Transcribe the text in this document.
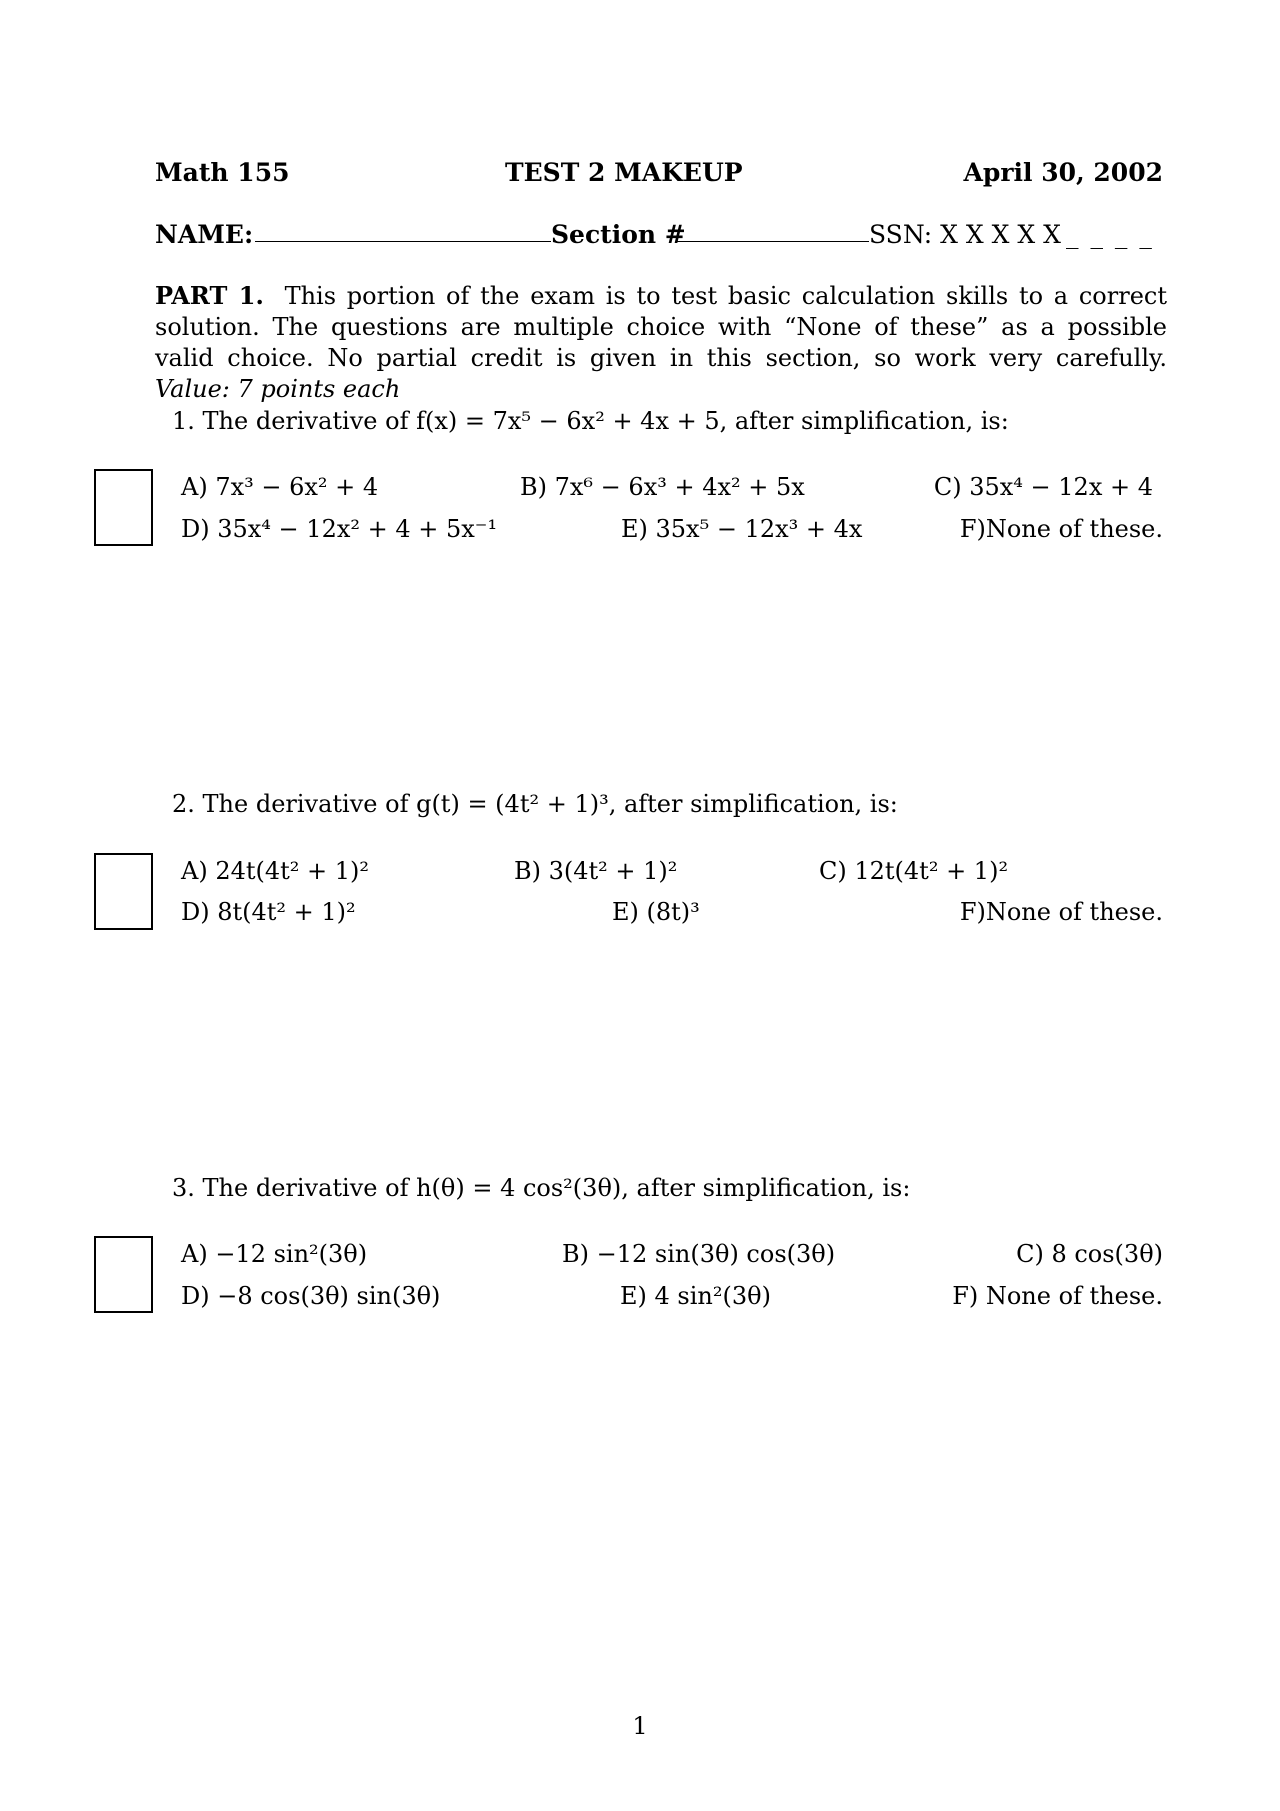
Math 155	TEST 2 MAKEUP	April 30, 2002
NAME:	Section #	SSN: X X X X X _ _ _ _
PART 1. This portion of the exam is to test basic calculation skills to a correct solution. The questions are multiple choice with “None of these” as a possible valid choice. No partial credit is given in this section, so work very carefully. Value: 7 points each
1. The derivative of f(x) = 7x⁵ − 6x² + 4x + 5, after simplification, is:
A) 7x³ − 6x² + 4	B) 7x⁶ − 6x³ + 4x² + 5x	C) 35x⁴ − 12x + 4
D) 35x⁴ − 12x² + 4 + 5x⁻¹	E) 35x⁵ − 12x³ + 4x	F)None of these.
2. The derivative of g(t) = (4t² + 1)³, after simplification, is:
A) 24t(4t² + 1)²	B) 3(4t² + 1)²	C) 12t(4t² + 1)²
D) 8t(4t² + 1)²	E) (8t)³	F)None of these.
3. The derivative of h(θ) = 4 cos²(3θ), after simplification, is:
A) −12 sin²(3θ)	B) −12 sin(3θ) cos(3θ)	C) 8 cos(3θ)
D) −8 cos(3θ) sin(3θ)	E) 4 sin²(3θ)	F) None of these.
1
